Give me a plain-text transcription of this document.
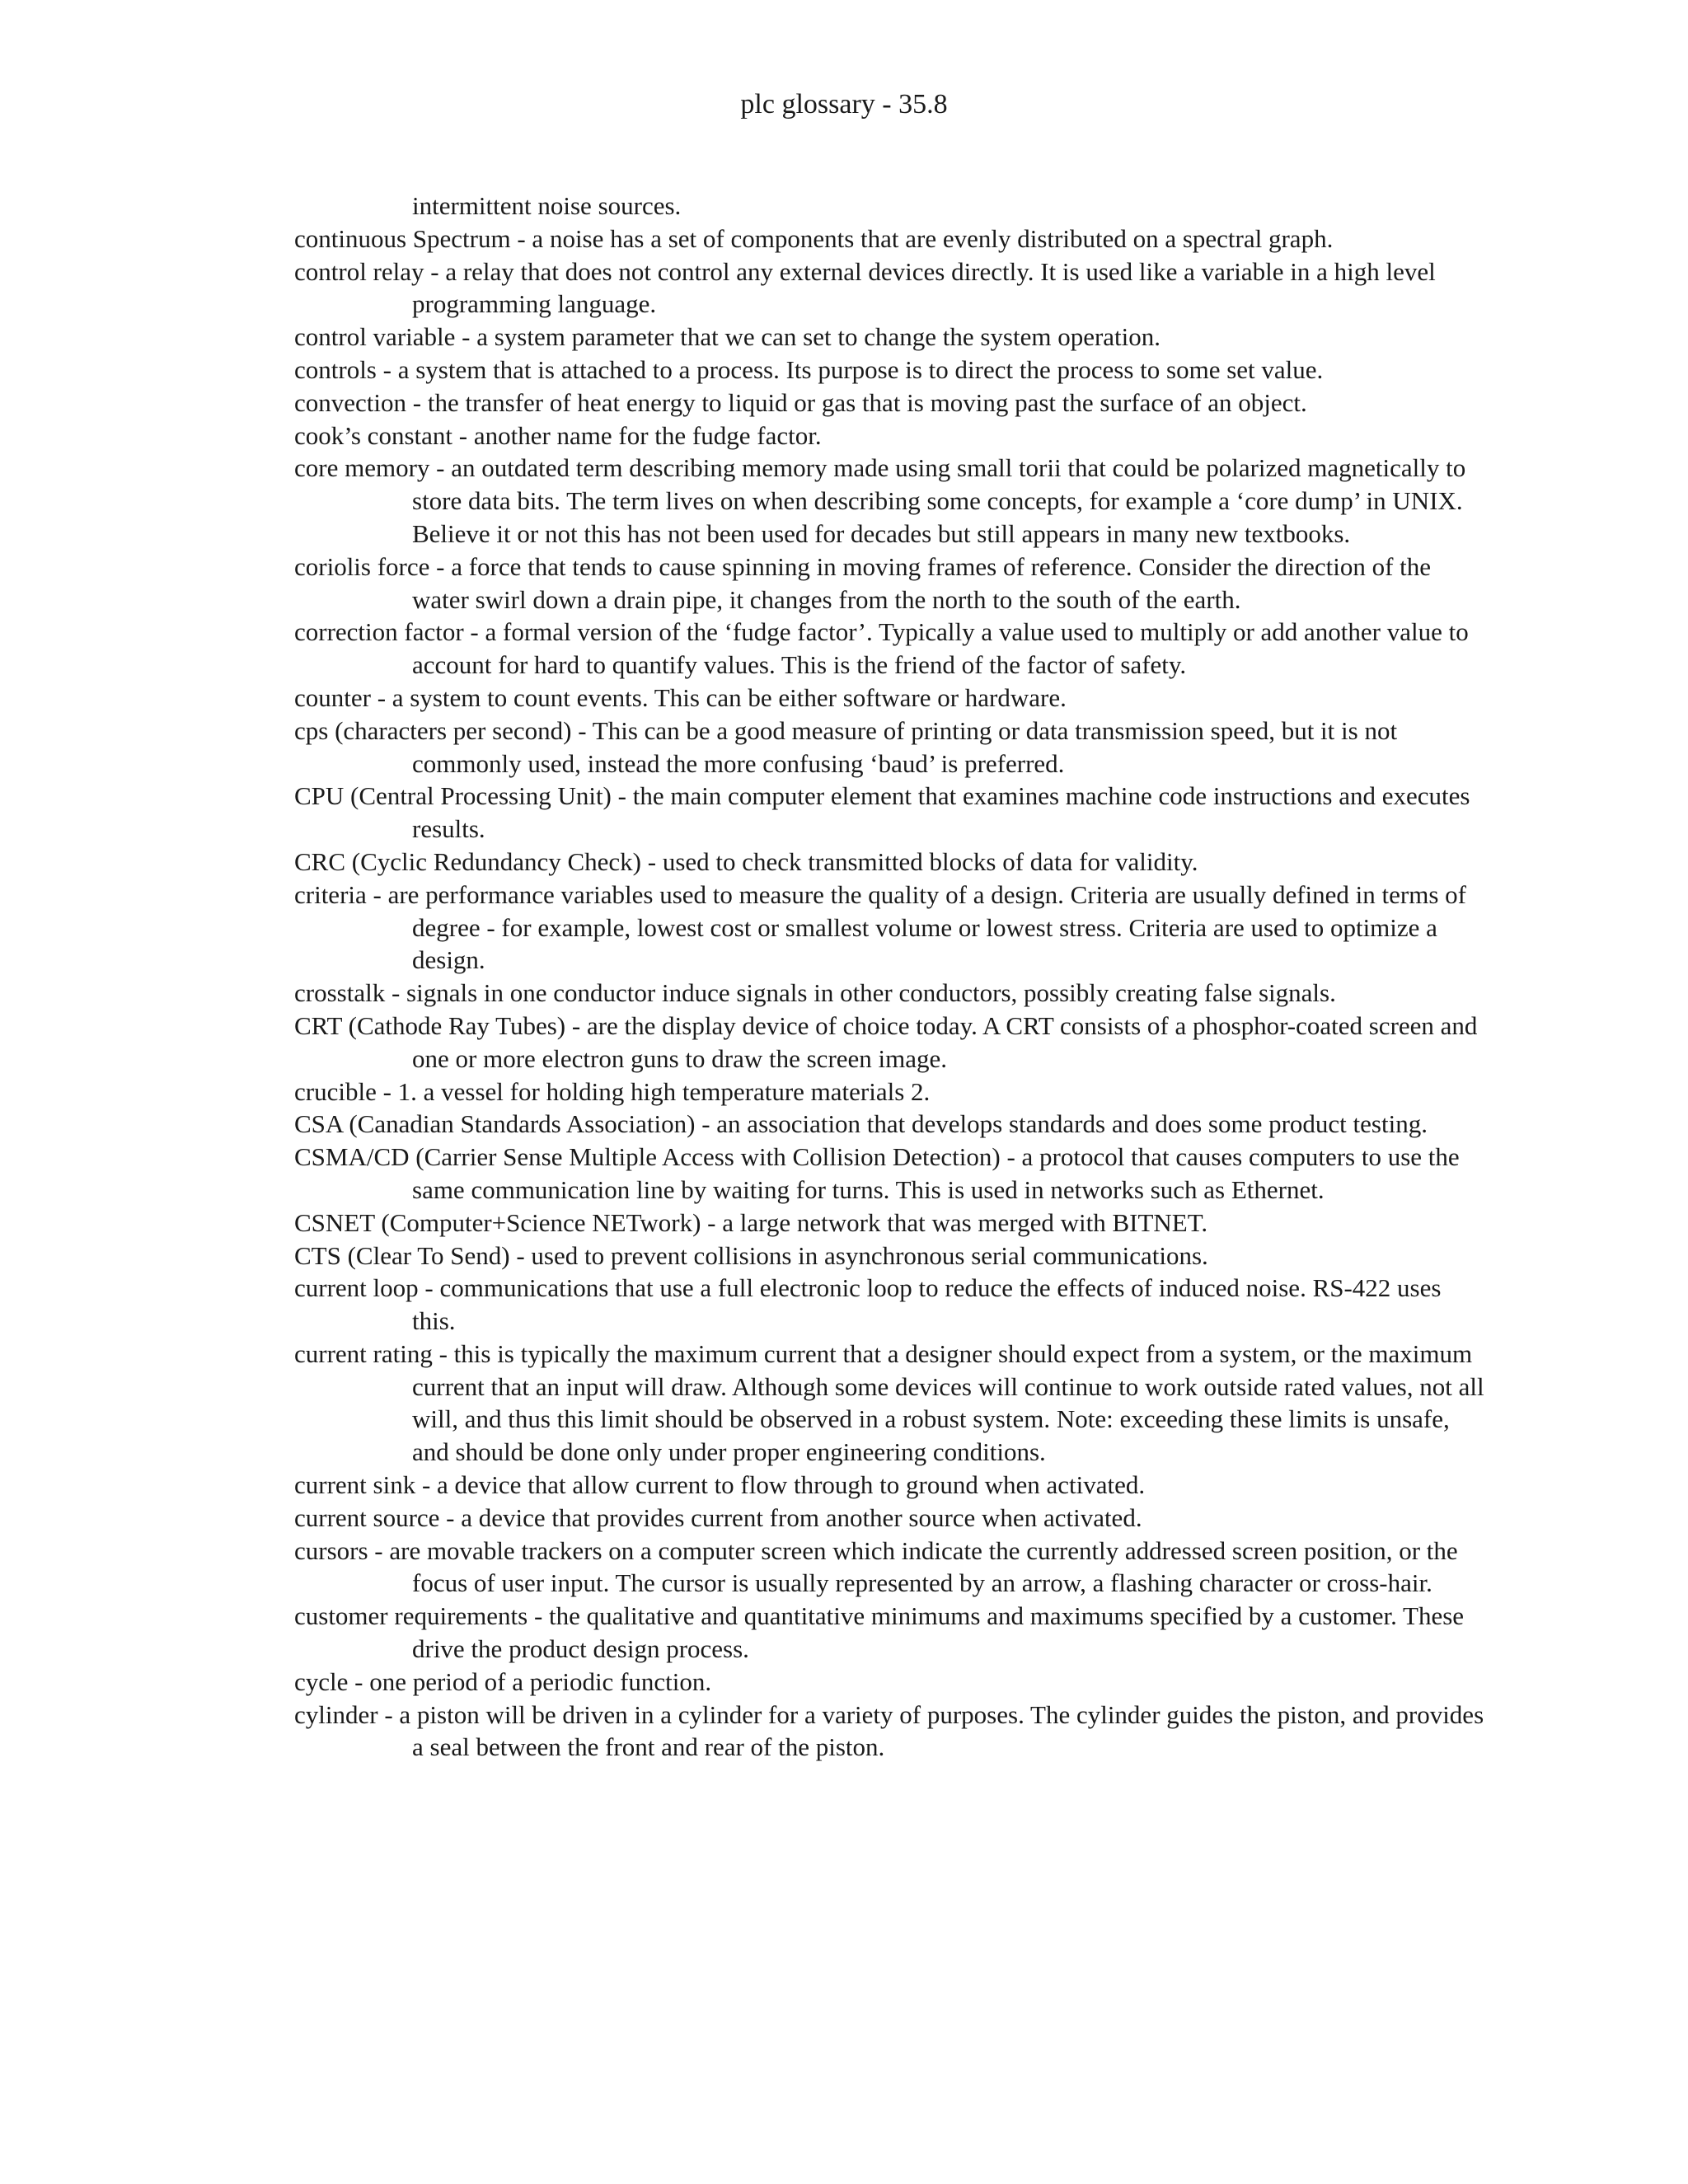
plc glossary - 35.8

intermittent noise sources.

continuous Spectrum - a noise has a set of components that are evenly distributed on a spectral graph.

control relay - a relay that does not control any external devices directly. It is used like a variable in a high level programming language.

control variable - a system parameter that we can set to change the system operation.

controls - a system that is attached to a process. Its purpose is to direct the process to some set value.

convection - the transfer of heat energy to liquid or gas that is moving past the surface of an object.

cook’s constant - another name for the fudge factor.

core memory - an outdated term describing memory made using small torii that could be polarized magnetically to store data bits. The term lives on when describing some concepts, for example a ‘core dump’ in UNIX. Believe it or not this has not been used for decades but still appears in many new textbooks.

coriolis force - a force that tends to cause spinning in moving frames of reference. Consider the direction of the water swirl down a drain pipe, it changes from the north to the south of the earth.

correction factor - a formal version of the ‘fudge factor’. Typically a value used to multiply or add another value to account for hard to quantify values. This is the friend of the factor of safety.

counter - a system to count events. This can be either software or hardware.

cps (characters per second) - This can be a good measure of printing or data transmission speed, but it is not commonly used, instead the more confusing ‘baud’ is preferred.

CPU (Central Processing Unit) - the main computer element that examines machine code instructions and executes results.

CRC (Cyclic Redundancy Check) - used to check transmitted blocks of data for validity.

criteria - are performance variables used to measure the quality of a design. Criteria are usually defined in terms of degree - for example, lowest cost or smallest volume or lowest stress. Criteria are used to optimize a design.

crosstalk - signals in one conductor induce signals in other conductors, possibly creating false signals.

CRT (Cathode Ray Tubes) - are the display device of choice today. A CRT consists of a phosphor-coated screen and one or more electron guns to draw the screen image.

crucible - 1. a vessel for holding high temperature materials 2.

CSA (Canadian Standards Association) - an association that develops standards and does some product testing.

CSMA/CD (Carrier Sense Multiple Access with Collision Detection) - a protocol that causes computers to use the same communication line by waiting for turns. This is used in networks such as Ethernet.

CSNET (Computer+Science NETwork) - a large network that was merged with BITNET.

CTS (Clear To Send) - used to prevent collisions in asynchronous serial communications.

current loop - communications that use a full electronic loop to reduce the effects of induced noise. RS-422 uses this.

current rating - this is typically the maximum current that a designer should expect from a system, or the maximum current that an input will draw. Although some devices will continue to work outside rated values, not all will, and thus this limit should be observed in a robust system. Note: exceeding these limits is unsafe, and should be done only under proper engineering conditions.

current sink - a device that allow current to flow through to ground when activated.

current source - a device that provides current from another source when activated.

cursors - are movable trackers on a computer screen which indicate the currently addressed screen position, or the focus of user input. The cursor is usually represented by an arrow, a flashing character or cross-hair.

customer requirements - the qualitative and quantitative minimums and maximums specified by a customer. These drive the product design process.

cycle - one period of a periodic function.

cylinder - a piston will be driven in a cylinder for a variety of purposes. The cylinder guides the piston, and provides a seal between the front and rear of the piston.
